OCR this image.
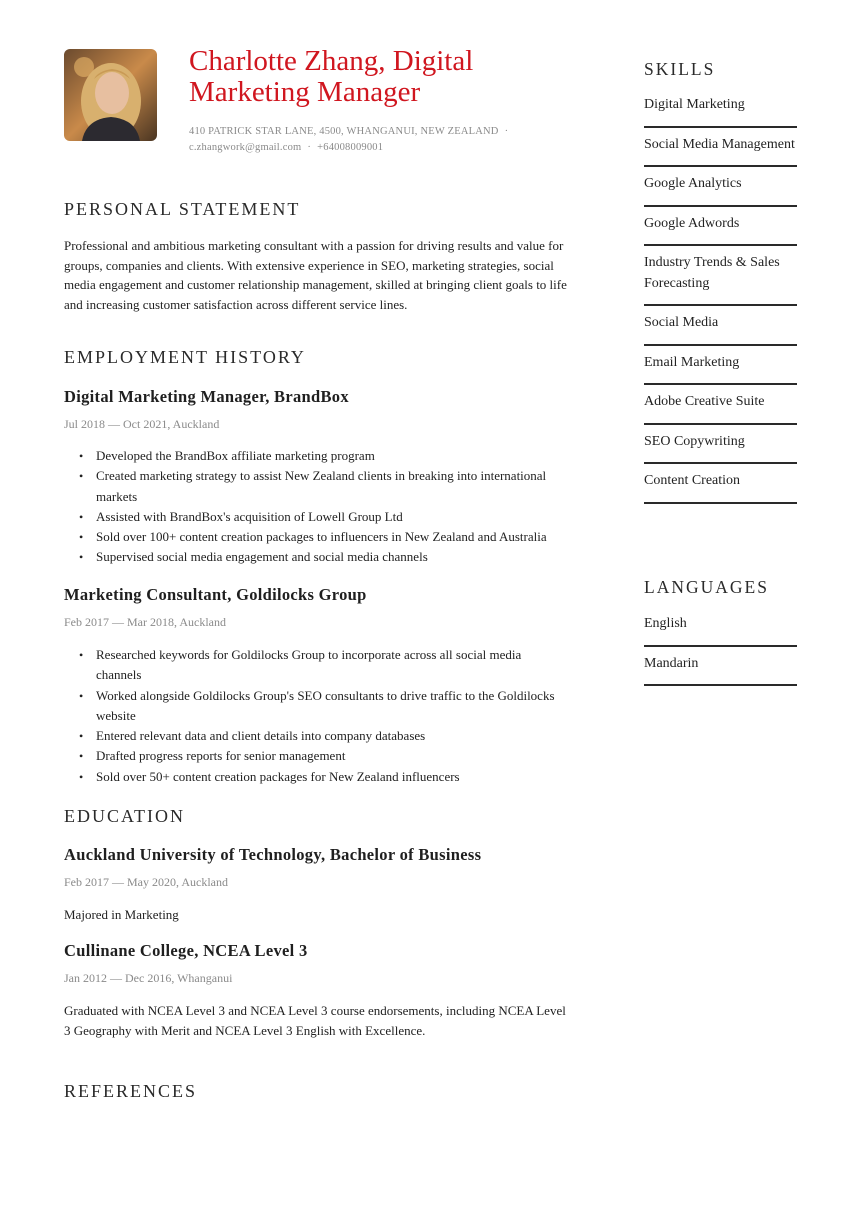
Charlotte Zhang, Digital
Marketing Manager
410 PATRICK STAR LANE, 4500, WHANGANUI, NEW ZEALAND ·
c.zhangwork@gmail.com · +64008009001
PERSONAL STATEMENT
Professional and ambitious marketing consultant with a passion for driving results and value for groups, companies and clients. With extensive experience in SEO, marketing strategies, social media engagement and customer relationship management, skilled at bringing client goals to life and increasing customer satisfaction across different service lines.
EMPLOYMENT HISTORY
Digital Marketing Manager, BrandBox
Jul 2018 — Oct 2021, Auckland
• Developed the BrandBox affiliate marketing program
• Created marketing strategy to assist New Zealand clients in breaking into international markets
• Assisted with BrandBox's acquisition of Lowell Group Ltd
• Sold over 100+ content creation packages to influencers in New Zealand and Australia
• Supervised social media engagement and social media channels
Marketing Consultant, Goldilocks Group
Feb 2017 — Mar 2018, Auckland
• Researched keywords for Goldilocks Group to incorporate across all social media channels
• Worked alongside Goldilocks Group's SEO consultants to drive traffic to the Goldilocks website
• Entered relevant data and client details into company databases
• Drafted progress reports for senior management
• Sold over 50+ content creation packages for New Zealand influencers
EDUCATION
Auckland University of Technology, Bachelor of Business
Feb 2017 — May 2020, Auckland
Majored in Marketing
Cullinane College, NCEA Level 3
Jan 2012 — Dec 2016, Whanganui
Graduated with NCEA Level 3 and NCEA Level 3 course endorsements, including NCEA Level 3 Geography with Merit and NCEA Level 3 English with Excellence.
REFERENCES
SKILLS
Digital Marketing
Social Media Management
Google Analytics
Google Adwords
Industry Trends & Sales Forecasting
Social Media
Email Marketing
Adobe Creative Suite
SEO Copywriting
Content Creation
LANGUAGES
English
Mandarin
